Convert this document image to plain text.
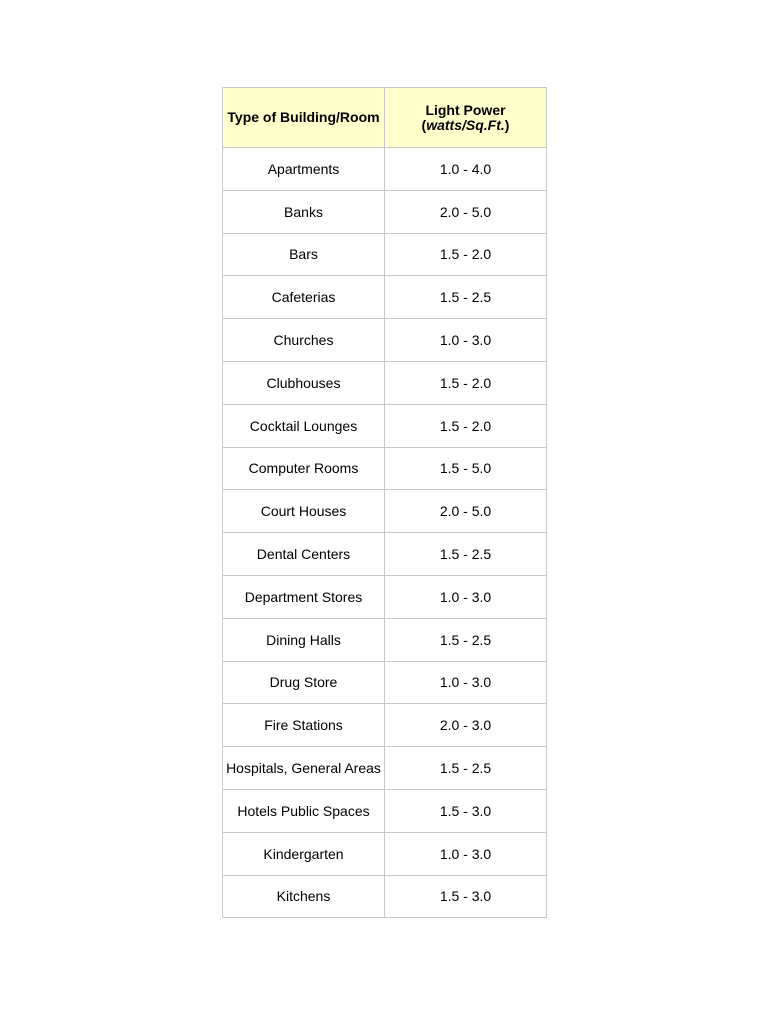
Type of Building/Room	Light Power
(watts/Sq.Ft.)
Apartments	1.0 - 4.0
Banks	2.0 - 5.0
Bars	1.5 - 2.0
Cafeterias	1.5 - 2.5
Churches	1.0 - 3.0
Clubhouses	1.5 - 2.0
Cocktail Lounges	1.5 - 2.0
Computer Rooms	1.5 - 5.0
Court Houses	2.0 - 5.0
Dental Centers	1.5 - 2.5
Department Stores	1.0 - 3.0
Dining Halls	1.5 - 2.5
Drug Store	1.0 - 3.0
Fire Stations	2.0 - 3.0
Hospitals, General Areas	1.5 - 2.5
Hotels Public Spaces	1.5 - 3.0
Kindergarten	1.0 - 3.0
Kitchens	1.5 - 3.0
